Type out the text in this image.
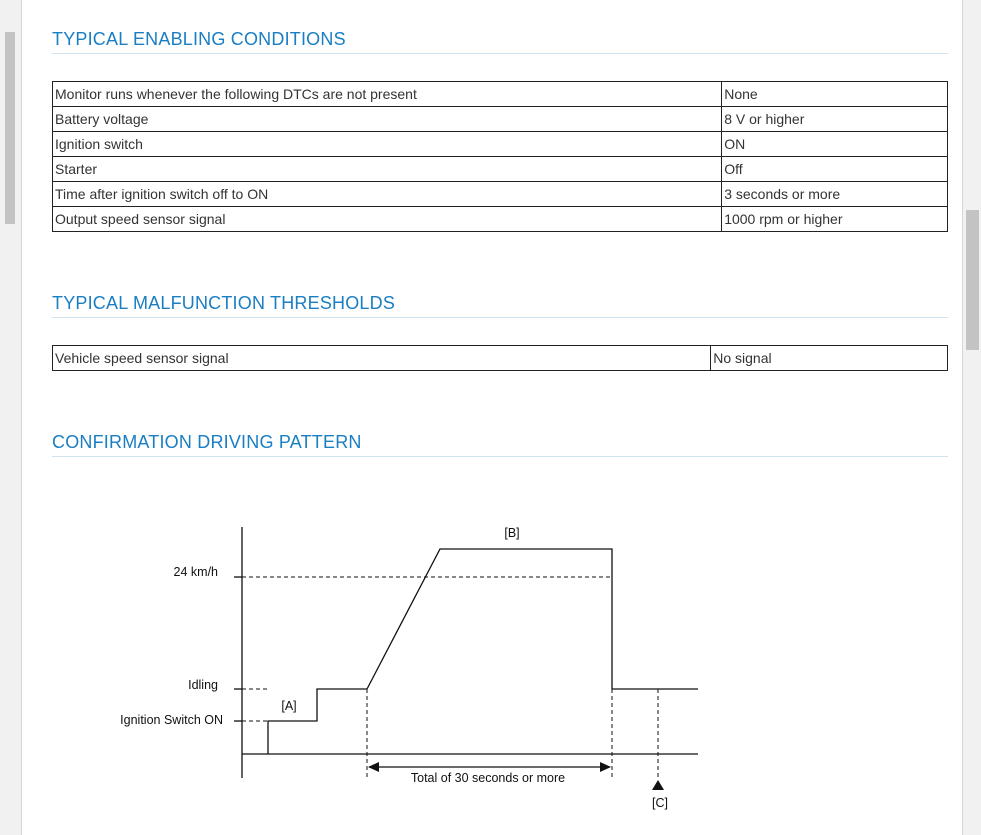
TYPICAL ENABLING CONDITIONS
Monitor runs whenever the following DTCs are not present	None
Battery voltage	8 V or higher
Ignition switch	ON
Starter	Off
Time after ignition switch off to ON	3 seconds or more
Output speed sensor signal	1000 rpm or higher
TYPICAL MALFUNCTION THRESHOLDS
Vehicle speed sensor signal	No signal
CONFIRMATION DRIVING PATTERN
24 km/h
Idling
Ignition Switch ON
[A]
[B]
[C]
Total of 30 seconds or more
